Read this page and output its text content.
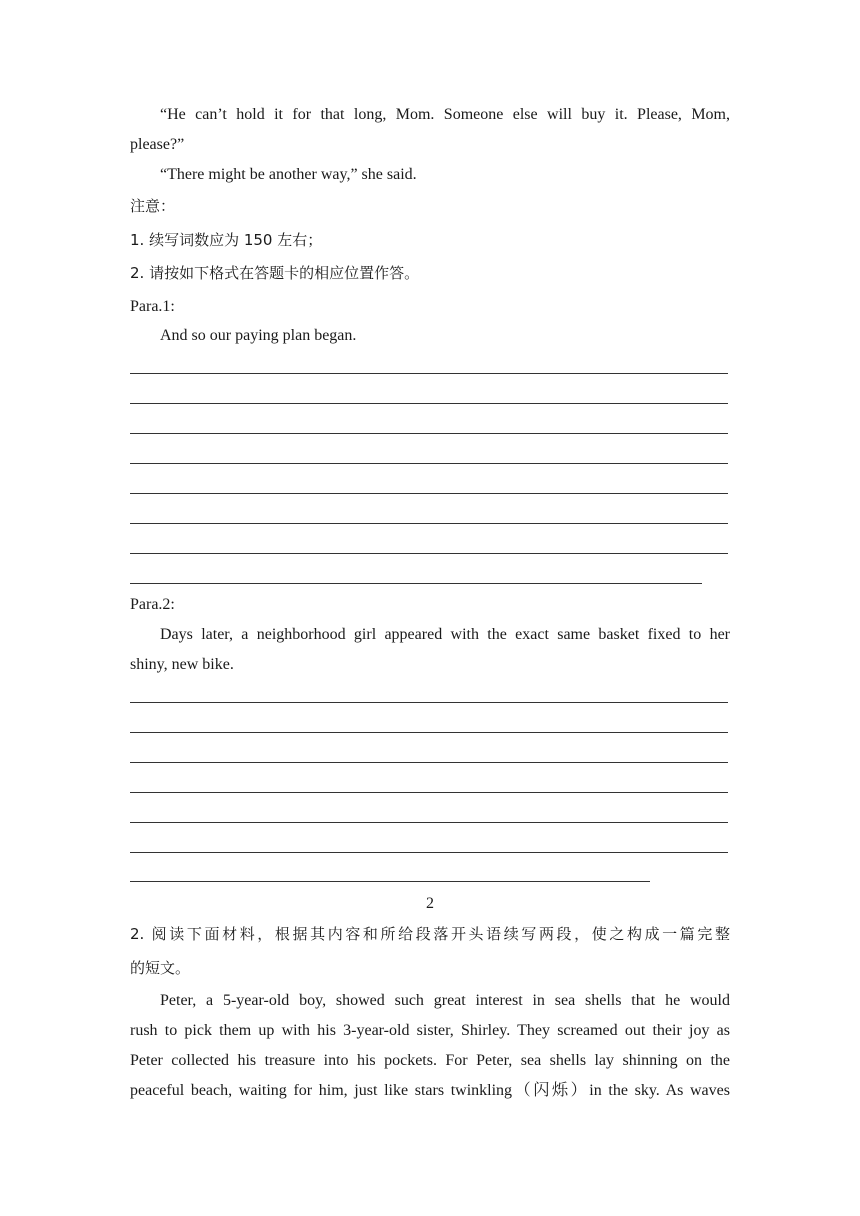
“He can’t hold it for that long, Mom. Someone else will buy it. Please, Mom,
please?”
“There might be another way,” she said.
注意：
1. 续写词数应为 150 左右；
2. 请按如下格式在答题卡的相应位置作答。
Para.1:
And so our paying plan began.
Para.2:
Days later, a neighborhood girl appeared with the exact same basket fixed to her
shiny, new bike.
2
2. 阅读下面材料，根据其内容和所给段落开头语续写两段，使之构成一篇完整
的短文。
Peter, a 5-year-old boy, showed such great interest in sea shells that he would
rush to pick them up with his 3-year-old sister, Shirley. They screamed out their joy as
Peter collected his treasure into his pockets. For Peter, sea shells lay shinning on the
peaceful beach, waiting for him, just like stars twinkling（闪烁）in the sky. As waves
